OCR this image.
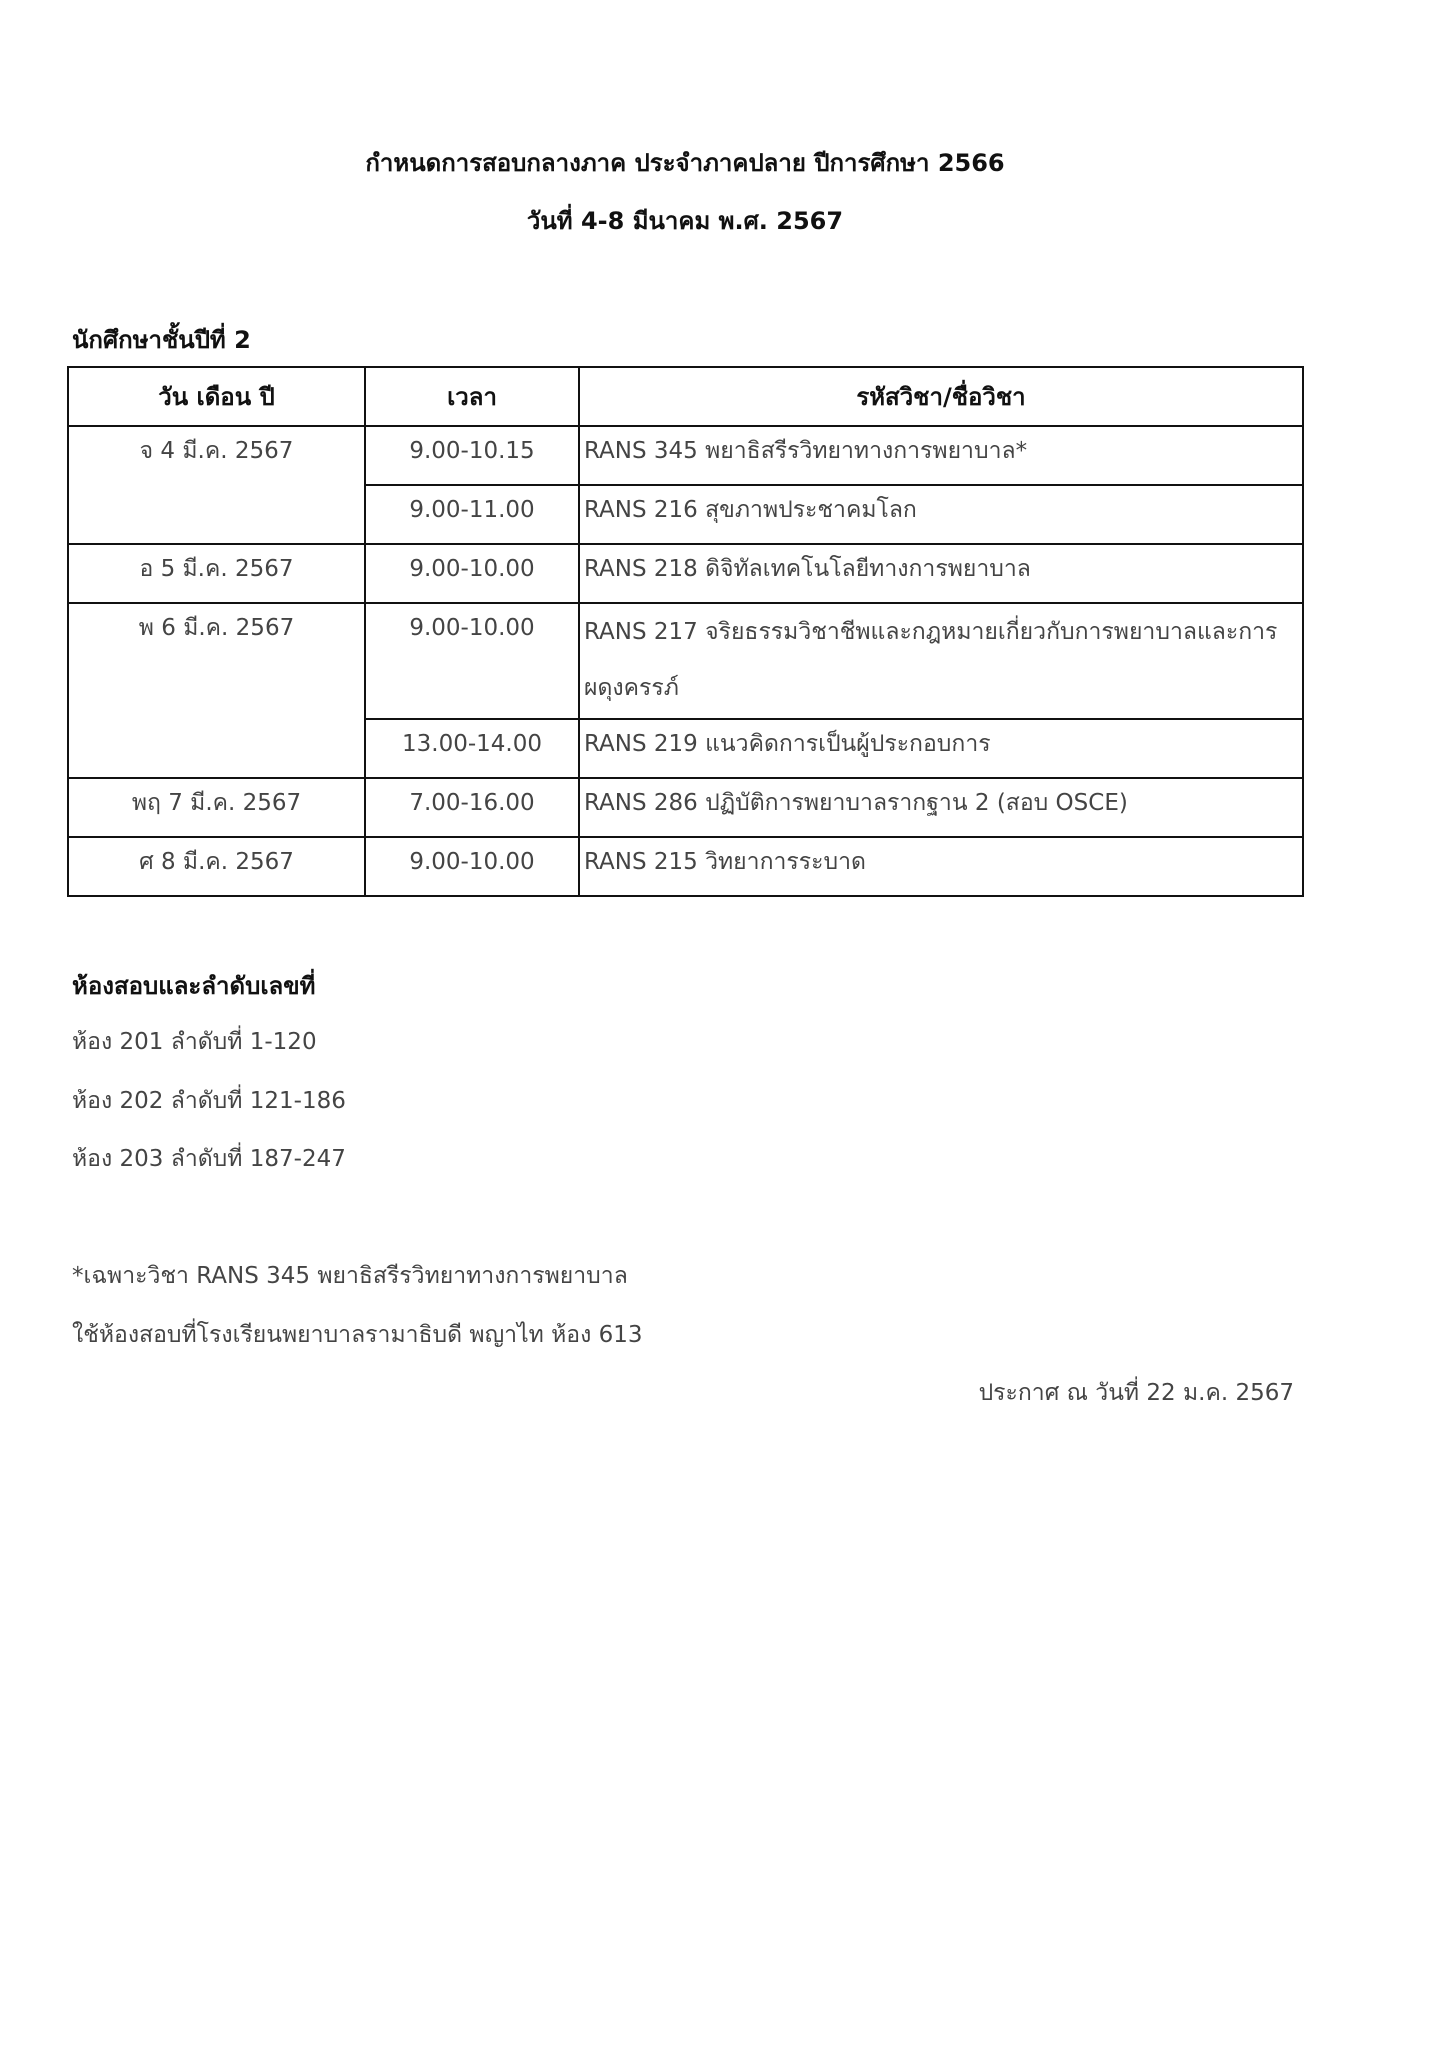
กำหนดการสอบกลางภาค ประจำภาคปลาย ปีการศึกษา 2566
วันที่ 4-8 มีนาคม พ.ศ. 2567
นักศึกษาชั้นปีที่ 2
วัน เดือน ปี	เวลา	รหัสวิชา/ชื่อวิชา
จ 4 มี.ค. 2567	9.00-10.15	RANS 345 พยาธิสรีรวิทยาทางการพยาบาล*
	9.00-11.00	RANS 216 สุขภาพประชาคมโลก
อ 5 มี.ค. 2567	9.00-10.00	RANS 218 ดิจิทัลเทคโนโลยีทางการพยาบาล
พ 6 มี.ค. 2567	9.00-10.00	RANS 217 จริยธรรมวิชาชีพและกฎหมายเกี่ยวกับการพยาบาลและการผดุงครรภ์
	13.00-14.00	RANS 219 แนวคิดการเป็นผู้ประกอบการ
พฤ 7 มี.ค. 2567	7.00-16.00	RANS 286 ปฏิบัติการพยาบาลรากฐาน 2 (สอบ OSCE)
ศ 8 มี.ค. 2567	9.00-10.00	RANS 215 วิทยาการระบาด
ห้องสอบและลำดับเลขที่
ห้อง 201 ลำดับที่ 1-120
ห้อง 202 ลำดับที่ 121-186
ห้อง 203 ลำดับที่ 187-247
*เฉพาะวิชา RANS 345 พยาธิสรีรวิทยาทางการพยาบาล
ใช้ห้องสอบที่โรงเรียนพยาบาลรามาธิบดี พญาไท ห้อง 613
ประกาศ ณ วันที่ 22 ม.ค. 2567
